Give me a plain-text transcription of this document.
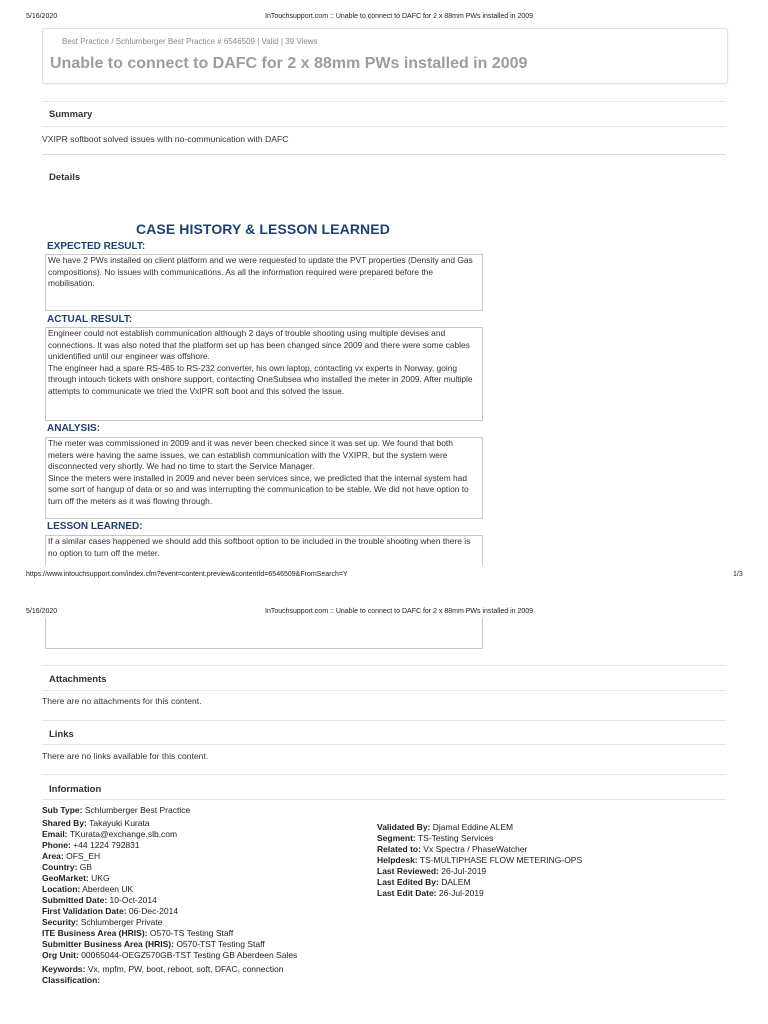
5/16/2020	InTouchsupport.com :: Unable to connect to DAFC for 2 x 88mm PWs installed in 2009
Best Practice / Schlumberger Best Practice # 6546509 | Valid | 39 Views
Unable to connect to DAFC for 2 x 88mm PWs installed in 2009
Summary
VXIPR softboot solved issues with no-communication with DAFC
Details
CASE HISTORY & LESSON LEARNED
EXPECTED RESULT:

We have 2 PWs installed on client platform and we were requested to update the PVT properties (Density and Gas compositions). No issues with communications. As all the information required were prepared before the mobilisation.

ACTUAL RESULT:

Engineer could not establish communication although 2 days of trouble shooting using multiple devises and connections. It was also noted that the platform set up has been changed since 2009 and there were some cables unidentified until our engineer was offshore.

The engineer had a spare RS-485 to RS-232 converter, his own laptop, contacting vx experts in Norway, going through intouch tickets with onshore support, contacting OneSubsea who installed the meter in 2009. After multiple attempts to communicate we tried the VxIPR soft boot and this solved the issue.

ANALYSIS:

The meter was commissioned in 2009 and it was never been checked since it was set up. We found that both meters were having the same issues, we can establish communication with the VXIPR, but the system were disconnected very shortly. We had no time to start the Service Manager.

Since the meters were installed in 2009 and never been services since, we predicted that the internal system had some sort of hangup of data or so and was interrupting the communication to be stable. We did not have option to turn off the meters as it was flowing through.

LESSON LEARNED:

If a similar cases happened we should add this softboot option to be included in the trouble shooting when there is no option to turn off the meter.

https://www.intouchsupport.com/index.cfm?event=content.preview&contentId=6546509&FromSearch=Y	1/3
5/16/2020	InTouchsupport.com :: Unable to connect to DAFC for 2 x 88mm PWs installed in 2009
Attachments
There are no attachments for this content.
Links
There are no links available for this content.
Information
Sub Type: Schlumberger Best Practice
Shared By: Takayuki Kurata
Email: TKurata@exchange.slb.com
Phone: +44 1224 792831
Area: OFS_EH
Country: GB
GeoMarket: UKG
Location: Aberdeen UK
Submitted Date: 10-Oct-2014
First Validation Date: 06-Dec-2014
Security: Schlumberger Private
ITE Business Area (HRIS): O570-TS Testing Staff
Submitter Business Area (HRIS): O570-TST Testing Staff
Org Unit: 00065044-OEGZ570GB-TST Testing GB Aberdeen Sales
Keywords: Vx, mpfm, PW, boot, reboot, soft, DFAC, connection
Classification:
Validated By: Djamal Eddine ALEM
Segment: TS-Testing Services
Related to: Vx Spectra / PhaseWatcher
Helpdesk: TS-MULTIPHASE FLOW METERING-OPS
Last Reviewed: 26-Jul-2019
Last Edited By: DALEM
Last Edit Date: 26-Jul-2019
